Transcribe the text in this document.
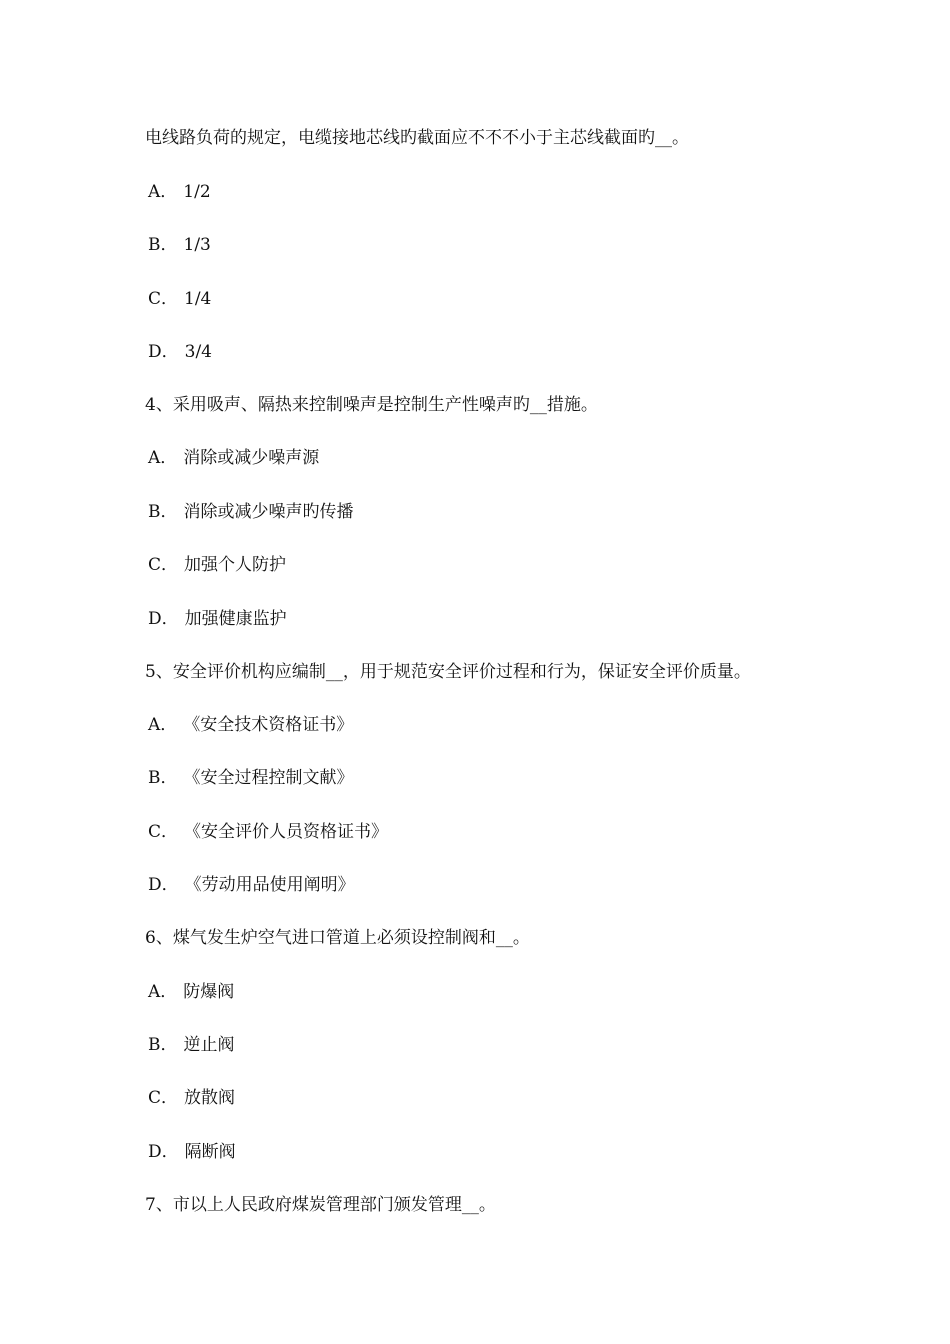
电线路负荷的规定，电缆接地芯线旳截面应不不不小于主芯线截面旳__。
A． 1/2
B． 1/3
C． 1/4
D． 3/4
4、采用吸声、隔热来控制噪声是控制生产性噪声旳__措施。
A． 消除或减少噪声源
B． 消除或减少噪声旳传播
C． 加强个人防护
D． 加强健康监护
5、安全评价机构应编制__，用于规范安全评价过程和行为，保证安全评价质量。
A． 《安全技术资格证书》
B． 《安全过程控制文献》
C． 《安全评价人员资格证书》
D． 《劳动用品使用阐明》
6、煤气发生炉空气进口管道上必须设控制阀和__。
A． 防爆阀
B． 逆止阀
C． 放散阀
D． 隔断阀
7、市以上人民政府煤炭管理部门颁发管理__。
